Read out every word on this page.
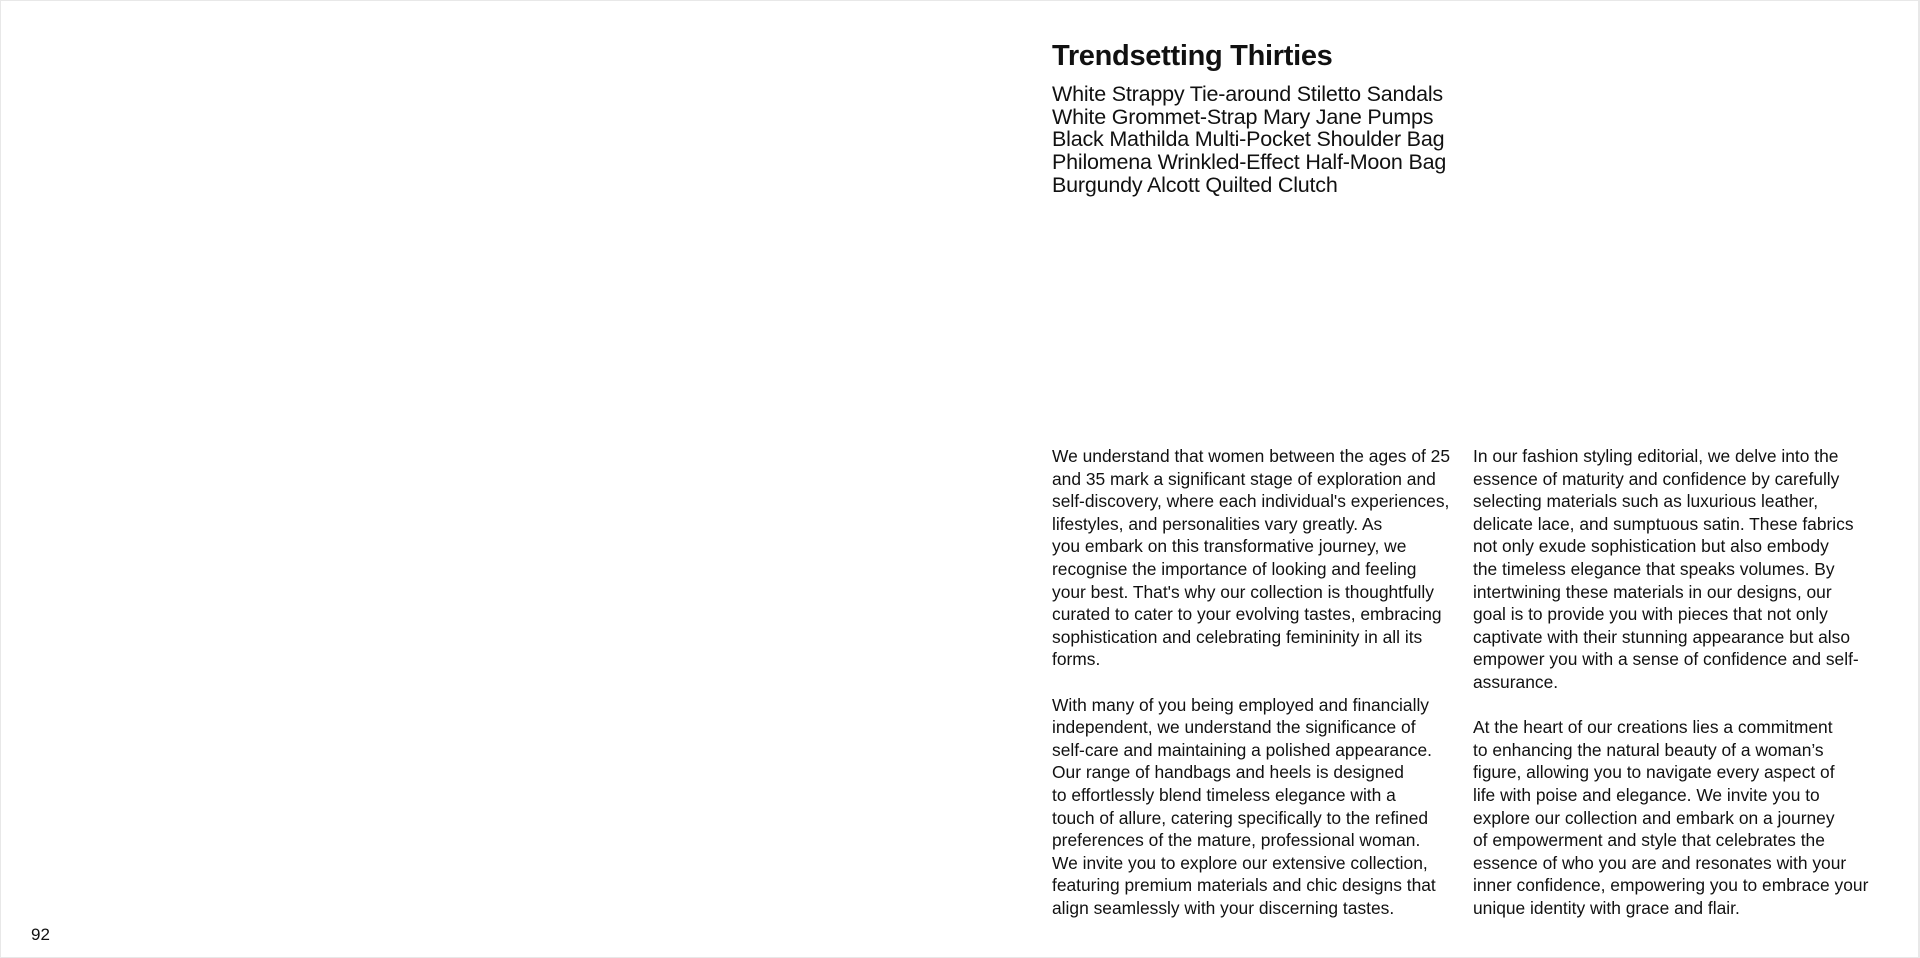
92
Trendsetting Thirties
White Strappy Tie-around Stiletto Sandals
White Grommet-Strap Mary Jane Pumps
Black Mathilda Multi-Pocket Shoulder Bag
Philomena Wrinkled-Effect Half-Moon Bag
Burgundy Alcott Quilted Clutch

We understand that women between the ages of 25
and 35 mark a significant stage of exploration and
self-discovery, where each individual's experiences,
lifestyles, and personalities vary greatly. As
you embark on this transformative journey, we
recognise the importance of looking and feeling
your best. That's why our collection is thoughtfully
curated to cater to your evolving tastes, embracing
sophistication and celebrating femininity in all its
forms.

With many of you being employed and financially
independent, we understand the significance of
self-care and maintaining a polished appearance.
Our range of handbags and heels is designed
to effortlessly blend timeless elegance with a
touch of allure, catering specifically to the refined
preferences of the mature, professional woman.
We invite you to explore our extensive collection,
featuring premium materials and chic designs that
align seamlessly with your discerning tastes.

In our fashion styling editorial, we delve into the
essence of maturity and confidence by carefully
selecting materials such as luxurious leather,
delicate lace, and sumptuous satin. These fabrics
not only exude sophistication but also embody
the timeless elegance that speaks volumes. By
intertwining these materials in our designs, our
goal is to provide you with pieces that not only
captivate with their stunning appearance but also
empower you with a sense of confidence and self-
assurance.

At the heart of our creations lies a commitment
to enhancing the natural beauty of a woman’s
figure, allowing you to navigate every aspect of
life with poise and elegance. We invite you to
explore our collection and embark on a journey
of empowerment and style that celebrates the
essence of who you are and resonates with your
inner confidence, empowering you to embrace your
unique identity with grace and flair.
